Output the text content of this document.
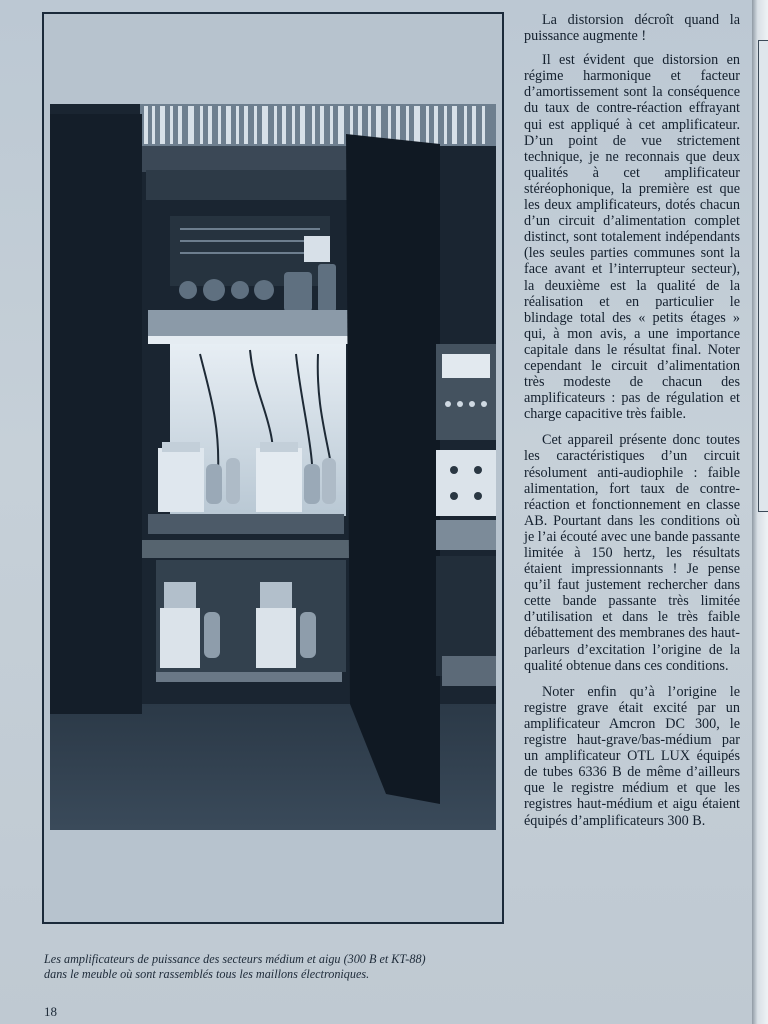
Les amplificateurs de puissance des secteurs médium et aigu (300 B et KT-88)

dans le meuble où sont rassemblés tous les maillons électroniques.

18

La distorsion décroît quand la puissance augmente !

Il est évident que distorsion en régime harmonique et facteur d’amortissement sont la conséquence du taux de contre-réaction effrayant qui est appliqué à cet amplificateur. D’un point de vue strictement technique, je ne reconnais que deux qualités à cet amplificateur stéréophonique, la première est que les deux amplificateurs, dotés chacun d’un circuit d’alimentation complet distinct, sont totalement indépendants (les seules parties communes sont la face avant et l’interrupteur secteur), la deuxième est la qualité de la réalisation et en particulier le blindage total des « petits étages » qui, à mon avis, a une importance capitale dans le résultat final. Noter cependant le circuit d’alimentation très modeste de chacun des amplificateurs : pas de régulation et charge capacitive très faible.

Cet appareil présente donc toutes les caractéristiques d’un circuit résolument anti-audiophile : faible alimentation, fort taux de contre-réaction et fonctionnement en classe AB. Pourtant dans les conditions où je l’ai écouté avec une bande passante limitée à 150 hertz, les résultats étaient impressionnants ! Je pense qu’il faut justement rechercher dans cette bande passante très limitée d’utilisation et dans le très faible débattement des membranes des haut-parleurs d’excitation l’origine de la qualité obtenue dans ces conditions.

Noter enfin qu’à l’origine le registre grave était excité par un amplificateur Amcron DC 300, le registre haut-grave/bas-médium par un amplificateur OTL LUX équipés de tubes 6336 B de même d’ailleurs que le registre médium et que les registres haut-médium et aigu étaient équipés d’amplificateurs 300 B.
